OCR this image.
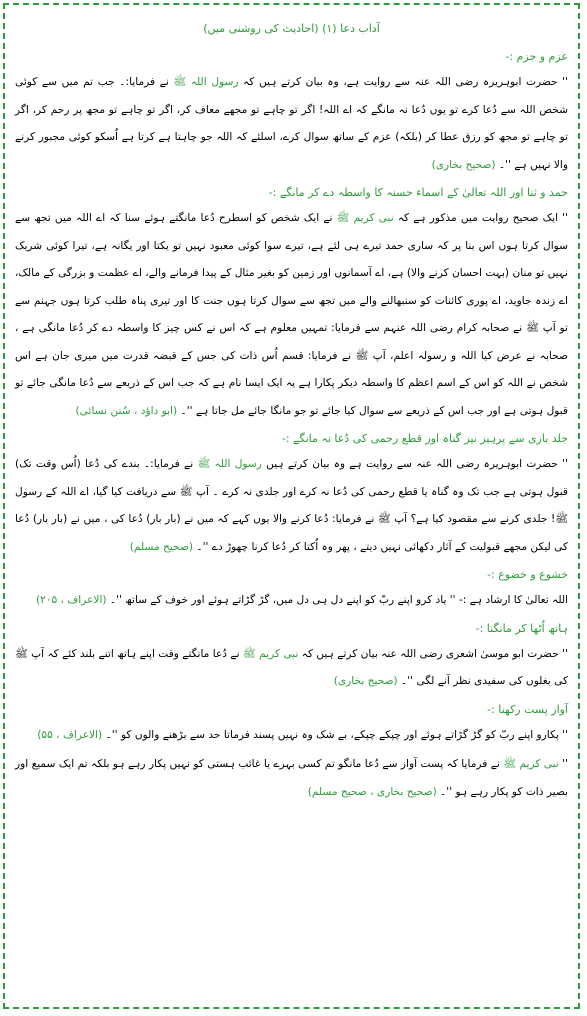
آداب دعا (۱) (احادیث کی روشنی میں)
عزم و جزم :-

'' حضرت ابوہریرہ رضی اللہ عنہ سے روایت ہے، وہ بیان کرتے ہیں کہ رسول اللہ ﷺ نے فرمایا:۔ جب تم میں سے کوئی شخص اللہ سے دُعا کرے تو یوں دُعا نہ مانگے کہ اے اللہ! اگر تو چاہے تو مجھے معاف کر، اگر تو چاہے تو مجھ پر رحم کر، اگر تو چاہے تو مجھ کو رزق عطا کر (بلکہ) عزم کے ساتھ سوال کرے، اسلئے کہ اللہ جو چاہتا ہے کرتا ہے اُسکو کوئی مجبور کرنے والا نہیں ہے ''۔ (صحیح بخاری)

حمد و ثنا اور اللہ تعالیٰ کے اسماء حسنہ کا واسطہ دے کر مانگے :-

'' ایک صحیح روایت میں مذکور ہے کہ نبی کریم ﷺ نے ایک شخص کو اسطرح دُعا مانگتے ہوئے سنا کہ اے اللہ میں تجھ سے سوال کرتا ہوں اس بنا پر کہ ساری حمد تیرے ہی لئے ہے، تیرے سوا کوئی معبود نہیں تو یکتا اور یگانہ ہے، تیرا کوئی شریک نہیں تو منان (بہت احسان کرنے والا) ہے، اے آسمانوں اور زمین کو بغیر مثال کے پیدا فرمانے والے، اے عظمت و بزرگی کے مالک، اے زندہ جاوید، اے پوری کائنات کو سنبھالنے والے میں تجھ سے سوال کرتا ہوں جنت کا اور تیری پناہ طلب کرتا ہوں جہنم سے تو آپ ﷺ نے صحابہ کرام رضی اللہ عنہم سے فرمایا: تمہیں معلوم ہے کہ اس نے کس چیز کا واسطہ دے کر دُعا مانگی ہے ، صحابہ نے عرض کیا اللہ و رسولہ اعلم، آپ ﷺ نے فرمایا: قسم اُس ذات کی جس کے قبضہ قدرت میں میری جان ہے اس شخص نے اللہ کو اس کے اسم اعظم کا واسطہ دیکر پکارا ہے یہ ایک ایسا نام ہے کہ جب اس کے ذریعے سے دُعا مانگی جائے تو قبول ہوتی ہے اور جب اس کے ذریعے سے سوال کیا جائے تو جو مانگا جائے مل جاتا ہے ''۔ (ابو داؤد ، سُنن نسائی)

جلد بازی سے پرہیز نیز گناہ اور قطع رحمی کی دُعا نہ مانگے :-

'' حضرت ابوہریرہ رضی اللہ عنہ سے روایت ہے وہ بیان کرتے ہیں رسول اللہ ﷺ نے فرمایا:۔ بندے کی دُعا (اُس وقت تک) قبول ہوتی ہے جب تک وہ گناہ یا قطع رحمی کی دُعا نہ کرے اور جلدی نہ کرے ۔ آپ ﷺ سے دریافت کیا گیا، اے اللہ کے رسول ﷺ! جلدی کرنے سے مقصود کیا ہے؟ آپ ﷺ نے فرمایا: دُعا کرنے والا یوں کہے کہ میں نے (بار بار) دُعا کی ، میں نے (بار بار) دُعا کی لیکن مجھے قبولیت کے آثار دکھائی نہیں دیتے ، پھر وہ اُکتا کر دُعا کرنا چھوڑ دے ''۔ (صحیح مسلم)

خشوع و خضوع :-

اللہ تعالیٰ کا ارشاد ہے :- '' یاد کرو اپنے ربّ کو اپنے دل ہی دل میں، گڑ گڑاتے ہوئے اور خوف کے ساتھ ''۔ (الاعراف ، ۲۰۵)

ہاتھ اُٹھا کر مانگنا :-

'' حضرت ابو موسیٰ اشعری رضی اللہ عنہ بیان کرتے ہیں کہ نبی کریم ﷺ نے دُعا مانگتے وقت اپنے ہاتھ اتنے بلند کئے کہ آپ ﷺ کی بغلوں کی سفیدی نظر آنے لگی ''۔ (صحیح بخاری)

آواز پست رکھنا :-

'' پکارو اپنے ربّ کو گڑ گڑاتے ہوئے اور چپکے چپکے، بے شک وہ نہیں پسند فرماتا حد سے بڑھنے والوں کو ''۔ (الاعراف ، ۵۵)

'' نبی کریم ﷺ نے فرمایا کہ پست آواز سے دُعا مانگو تم کسی بہرے یا غائب ہستی کو نہیں پکار رہے ہو بلکہ تم ایک سمیع اور بصیر ذات کو پکار رہے ہو ''۔ (صحیح بخاری ، صحیح مسلم)
